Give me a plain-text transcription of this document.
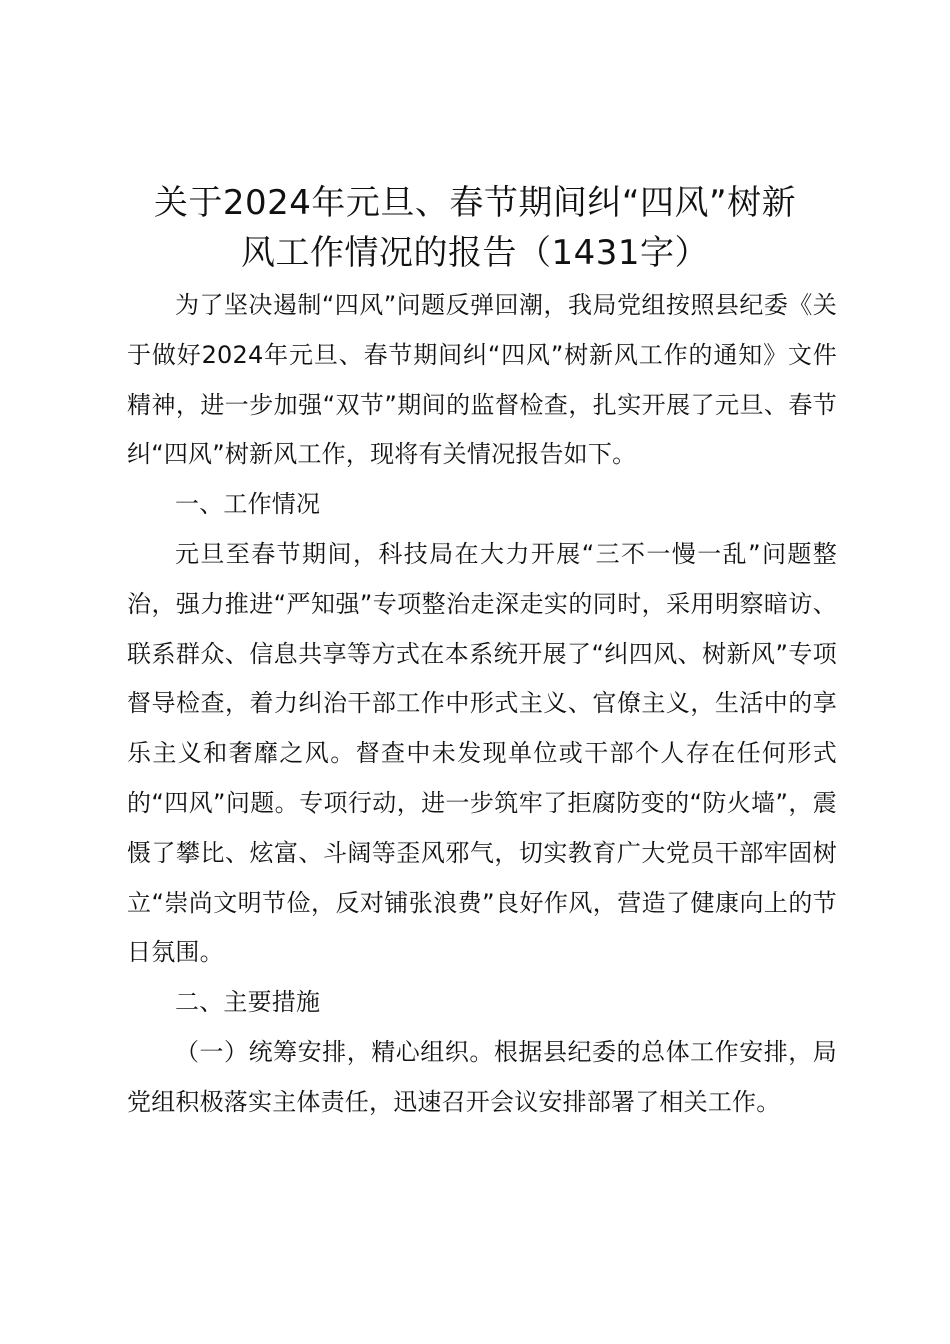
关于2024年元旦、春节期间纠“四风”树新
风工作情况的报告（1431字）

为了坚决遏制“四风”问题反弹回潮，我局党组按照县纪委《关于做好2024年元旦、春节期间纠“四风”树新风工作的通知》文件精神，进一步加强“双节”期间的监督检查，扎实开展了元旦、春节纠“四风”树新风工作，现将有关情况报告如下。

一、工作情况

元旦至春节期间，科技局在大力开展“三不一慢一乱”问题整治，强力推进“严知强”专项整治走深走实的同时，采用明察暗访、联系群众、信息共享等方式在本系统开展了“纠四风、树新风”专项督导检查，着力纠治干部工作中形式主义、官僚主义，生活中的享乐主义和奢靡之风。督查中未发现单位或干部个人存在任何形式的“四风”问题。专项行动，进一步筑牢了拒腐防变的“防火墙”，震慑了攀比、炫富、斗阔等歪风邪气，切实教育广大党员干部牢固树立“崇尚文明节俭，反对铺张浪费”良好作风，营造了健康向上的节日氛围。

二、主要措施

（一）统筹安排，精心组织。根据县纪委的总体工作安排，局党组积极落实主体责任，迅速召开会议安排部署了相关工作。
